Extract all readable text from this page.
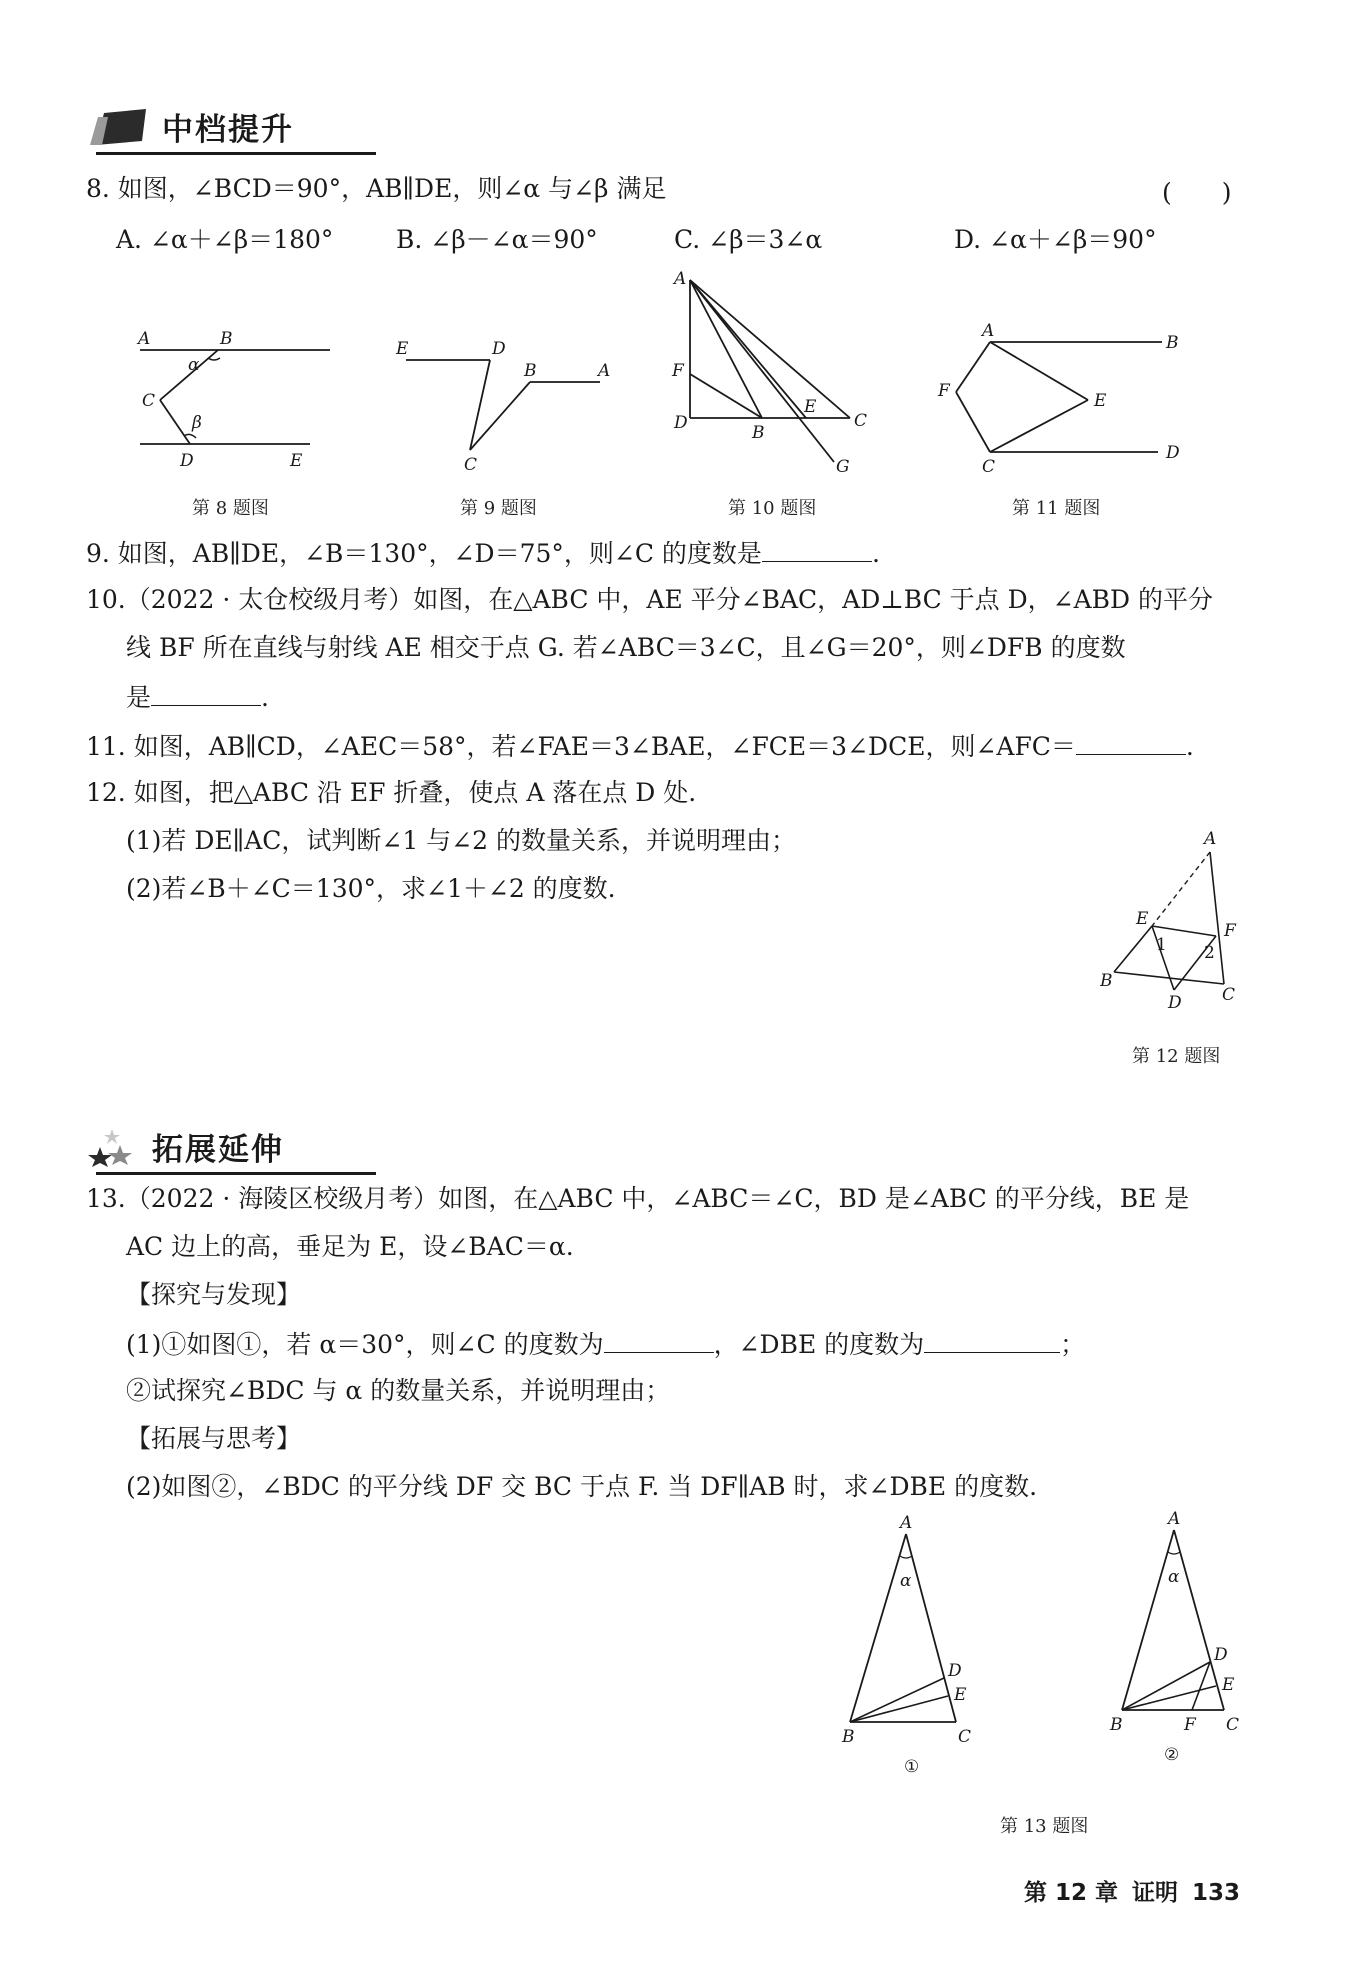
中档提升
8. 如图，∠BCD＝90°，AB∥DE，则∠α 与∠β 满足	(　　)
A. ∠α＋∠β＝180°	B. ∠β－∠α＝90°	C. ∠β＝3∠α	D. ∠α＋∠β＝90°
A	B
α
C
β
D	E
第 8 题图
E	D
B	A
C
第 9 题图
A
F
D	B
E
C
G
第 10 题图
A
B
F	E
C
D
第 11 题图
9. 如图，AB∥DE，∠B＝130°，∠D＝75°，则∠C 的度数是	.
10.（2022 · 太仓校级月考）如图，在△ABC 中，AE 平分∠BAC，AD⊥BC 于点 D，∠ABD 的平分
线 BF 所在直线与射线 AE 相交于点 G. 若∠ABC＝3∠C，且∠G＝20°，则∠DFB 的度数
是	.
11. 如图，AB∥CD，∠AEC＝58°，若∠FAE＝3∠BAE，∠FCE＝3∠DCE，则∠AFC＝	.
12. 如图，把△ABC 沿 EF 折叠，使点 A 落在点 D 处.
(1)若 DE∥AC，试判断∠1 与∠2 的数量关系，并说明理由；
(2)若∠B＋∠C＝130°，求∠1＋∠2 的度数.
A
E
F
1 2
B
C
D
第 12 题图
拓展延伸
13.（2022 · 海陵区校级月考）如图，在△ABC 中，∠ABC＝∠C，BD 是∠ABC 的平分线，BE 是
AC 边上的高，垂足为 E，设∠BAC＝α.
【探究与发现】
(1)①如图①，若 α＝30°，则∠C 的度数为	，∠DBE 的度数为	；
②试探究∠BDC 与 α 的数量关系，并说明理由；
【拓展与思考】
(2)如图②，∠BDC 的平分线 DF 交 BC 于点 F. 当 DF∥AB 时，求∠DBE 的度数.
A
α
D
E
B	C
①
A
α
D
E
B	F C
②
第 13 题图
第 12 章 证明 133
